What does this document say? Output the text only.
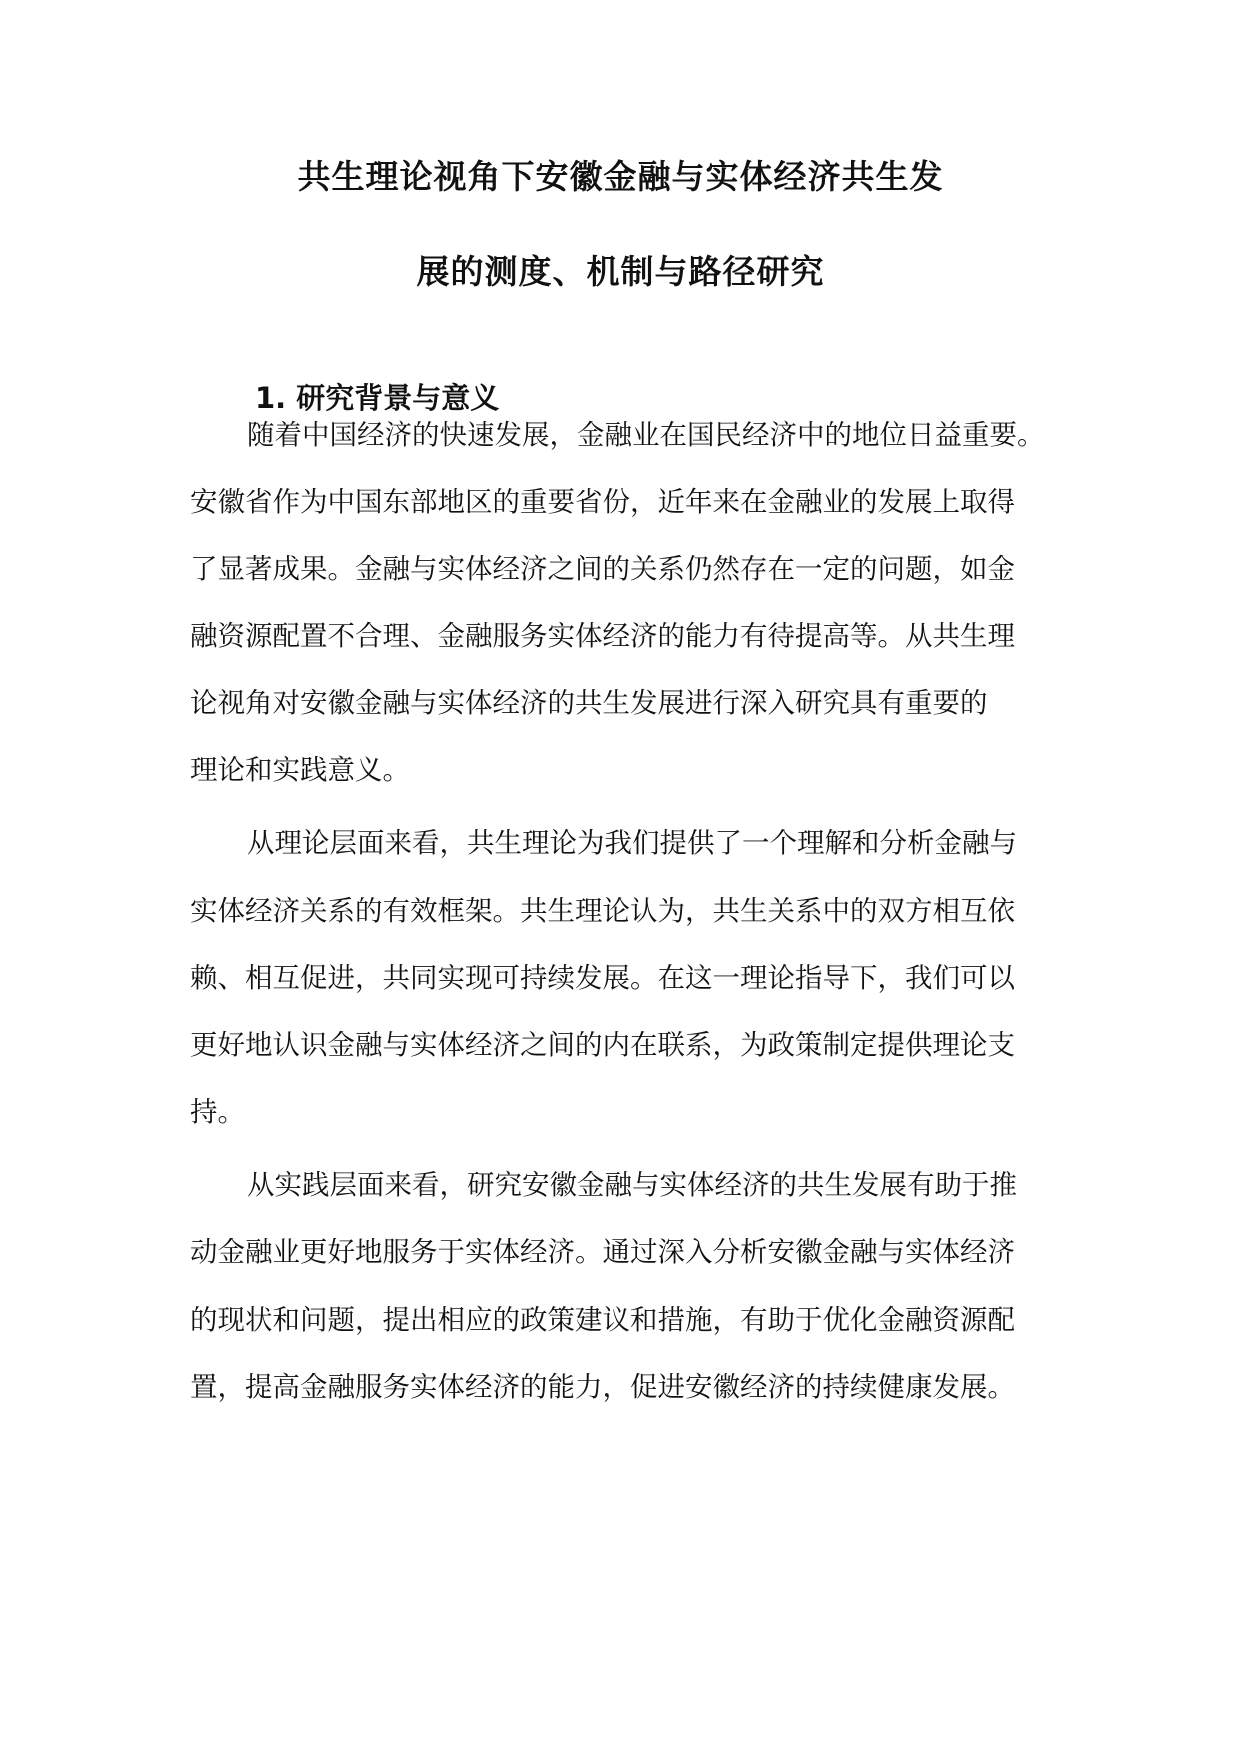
共生理论视角下安徽金融与实体经济共生发
展的测度、机制与路径研究
1. 研究背景与意义
随着中国经济的快速发展，金融业在国民经济中的地位日益重要。
安徽省作为中国东部地区的重要省份，近年来在金融业的发展上取得
了显著成果。金融与实体经济之间的关系仍然存在一定的问题，如金
融资源配置不合理、金融服务实体经济的能力有待提高等。从共生理
论视角对安徽金融与实体经济的共生发展进行深入研究具有重要的
理论和实践意义。
从理论层面来看，共生理论为我们提供了一个理解和分析金融与
实体经济关系的有效框架。共生理论认为，共生关系中的双方相互依
赖、相互促进，共同实现可持续发展。在这一理论指导下，我们可以
更好地认识金融与实体经济之间的内在联系，为政策制定提供理论支
持。
从实践层面来看，研究安徽金融与实体经济的共生发展有助于推
动金融业更好地服务于实体经济。通过深入分析安徽金融与实体经济
的现状和问题，提出相应的政策建议和措施，有助于优化金融资源配
置，提高金融服务实体经济的能力，促进安徽经济的持续健康发展。
